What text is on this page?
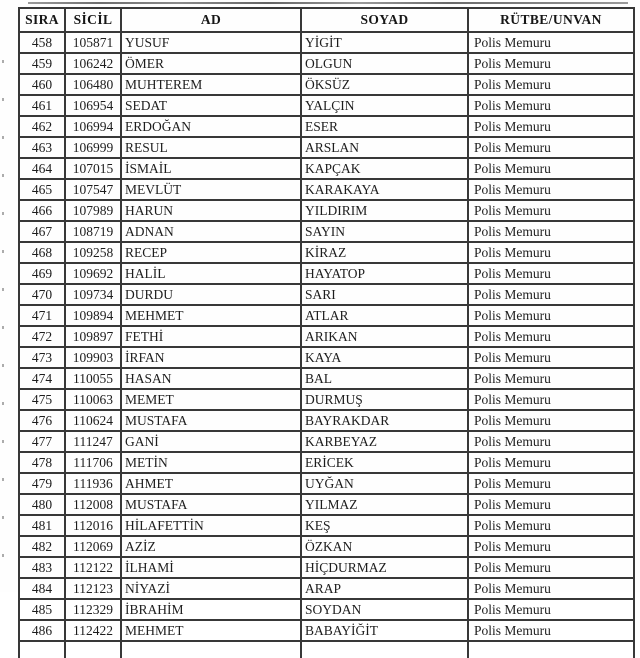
SIRA	SİCİL	AD	SOYAD	RÜTBE/UNVAN
458	105871	YUSUF	YİGİT	Polis Memuru
459	106242	ÖMER	OLGUN	Polis Memuru
460	106480	MUHTEREM	ÖKSÜZ	Polis Memuru
461	106954	SEDAT	YALÇIN	Polis Memuru
462	106994	ERDOĞAN	ESER	Polis Memuru
463	106999	RESUL	ARSLAN	Polis Memuru
464	107015	İSMAİL	KAPÇAK	Polis Memuru
465	107547	MEVLÜT	KARAKAYA	Polis Memuru
466	107989	HARUN	YILDIRIM	Polis Memuru
467	108719	ADNAN	SAYIN	Polis Memuru
468	109258	RECEP	KİRAZ	Polis Memuru
469	109692	HALİL	HAYATOP	Polis Memuru
470	109734	DURDU	SARI	Polis Memuru
471	109894	MEHMET	ATLAR	Polis Memuru
472	109897	FETHİ	ARIKAN	Polis Memuru
473	109903	İRFAN	KAYA	Polis Memuru
474	110055	HASAN	BAL	Polis Memuru
475	110063	MEMET	DURMUŞ	Polis Memuru
476	110624	MUSTAFA	BAYRAKDAR	Polis Memuru
477	111247	GANİ	KARBEYAZ	Polis Memuru
478	111706	METİN	ERİCEK	Polis Memuru
479	111936	AHMET	UYĞAN	Polis Memuru
480	112008	MUSTAFA	YILMAZ	Polis Memuru
481	112016	HİLAFETTİN	KEŞ	Polis Memuru
482	112069	AZİZ	ÖZKAN	Polis Memuru
483	112122	İLHAMİ	HİÇDURMAZ	Polis Memuru
484	112123	NİYAZİ	ARAP	Polis Memuru
485	112329	İBRAHİM	SOYDAN	Polis Memuru
486	112422	MEHMET	BABAYİĞİT	Polis Memuru
